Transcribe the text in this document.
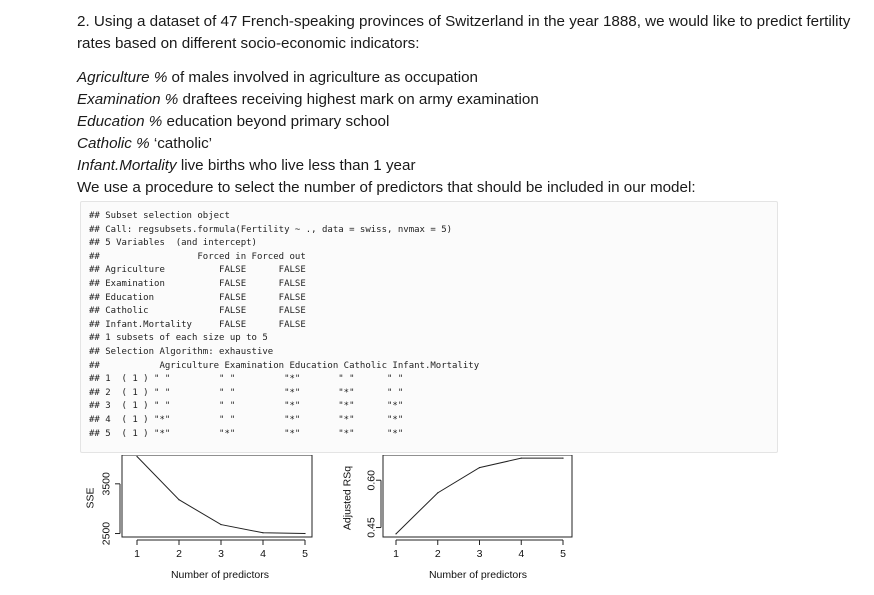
2. Using a dataset of 47 French-speaking provinces of Switzerland in the year 1888, we would like to predict fertility rates based on different socio-economic indicators:
Agriculture % of males involved in agriculture as occupation
Examination % draftees receiving highest mark on army examination
Education % education beyond primary school
Catholic % ‘catholic’
Infant.Mortality live births who live less than 1 year
We use a procedure to select the number of predictors that should be included in our model:
## Subset selection object
## Call: regsubsets.formula(Fertility ~ ., data = swiss, nvmax = 5)
## 5 Variables  (and intercept)
##                  Forced in Forced out
## Agriculture          FALSE      FALSE
## Examination          FALSE      FALSE
## Education            FALSE      FALSE
## Catholic             FALSE      FALSE
## Infant.Mortality     FALSE      FALSE
## 1 subsets of each size up to 5
## Selection Algorithm: exhaustive
##           Agriculture Examination Education Catholic Infant.Mortality
## 1  ( 1 ) " "         " "         "*"       " "      " "
## 2  ( 1 ) " "         " "         "*"       "*"      " "
## 3  ( 1 ) " "         " "         "*"       "*"      "*"
## 4  ( 1 ) "*"         " "         "*"       "*"      "*"
## 5  ( 1 ) "*"         "*"         "*"       "*"      "*"
1	2	3	4	5
2500
3500
Number of predictors
SSE
1	2	3	4	5
0.45
0.60
Number of predictors
Adjusted RSq
